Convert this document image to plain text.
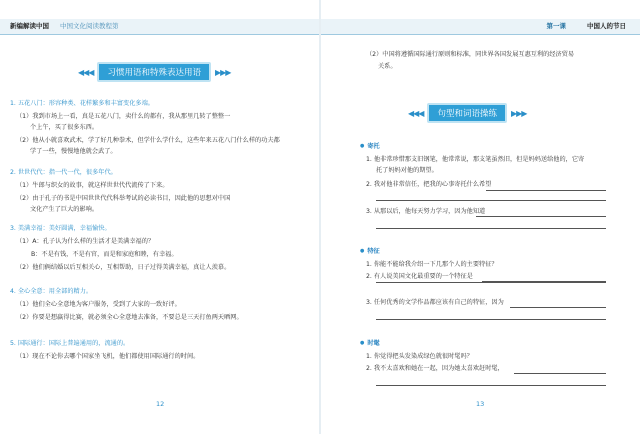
新编解读中国 中国文化阅读教程第	第一课	中国人的节日
◀◀◀	习惯用语和特殊表达用语	▶▶▶
1. 五花八门：形容种类、花样繁多和丰富变化多端。
（1）我到市场上一看，真是五花八门，卖什么的都有，我从那里几转了整整一
个上午，买了很多东西。
（2）他从小就喜欢武术，学了好几种拳术，但学什么学什么，这些年来五花八门什么样的功夫都
学了一些，慢慢地他就会武了。
2. 世世代代：指一代一代，很多年代。
（1）牛郎与织女的故事，就这样世世代代流传了下来。
（2）由于孔子的书是中国世世代代科举考试的必读书目，因此他的思想对中国
文化产生了巨大的影响。
3. 美满幸福：美好圆满，幸福愉快。
（1）A：孔子认为什么样的生活才是美满幸福的？
B：不是有钱，不是有官，而是和家庭和睦，有幸福。
（2）他们俩结婚以后互相关心，互相帮助，日子过得美满幸福，真让人羡慕。
4. 全心全意：用全部的精力。
（1）他们全心全意地为客户服务，受到了大家的一致好评。
（2）你要是想赢得比赛，就必须全心全意地去准备，不要总是三天打鱼两天晒网。
5. 国际通行：国际上普遍通用的，流通的。
（1）现在不论你去哪个国家坐飞机，他们都使用国际通行的时间。
12
（2）中国将遵循国际通行原则和标准，同世界各国发展互惠互利的经济贸易
关系。
◀◀◀	句型和词语操练	▶▶▶
● 寄托
1. 他非常珍惜那支旧钢笔，他常常说，那支笔虽然旧，但是妈妈送给他的，它寄
托了妈妈对他的期望。
2. 我对他非常信任，把我的心事寄托什么希望
3. 从那以后，他每天努力学习，因为他知道
● 特征
1. 你能不能给我介绍一下几那个人的主要特征？
2. 有人说美国文化最重要的一个特征是
3. 任何优秀的文学作品都应该有自己的特征，因为
● 时髦
1. 你觉得把头发染成绿色就很时髦吗？
2. 我不太喜欢和她在一起，因为她太喜欢赶时髦，
13
